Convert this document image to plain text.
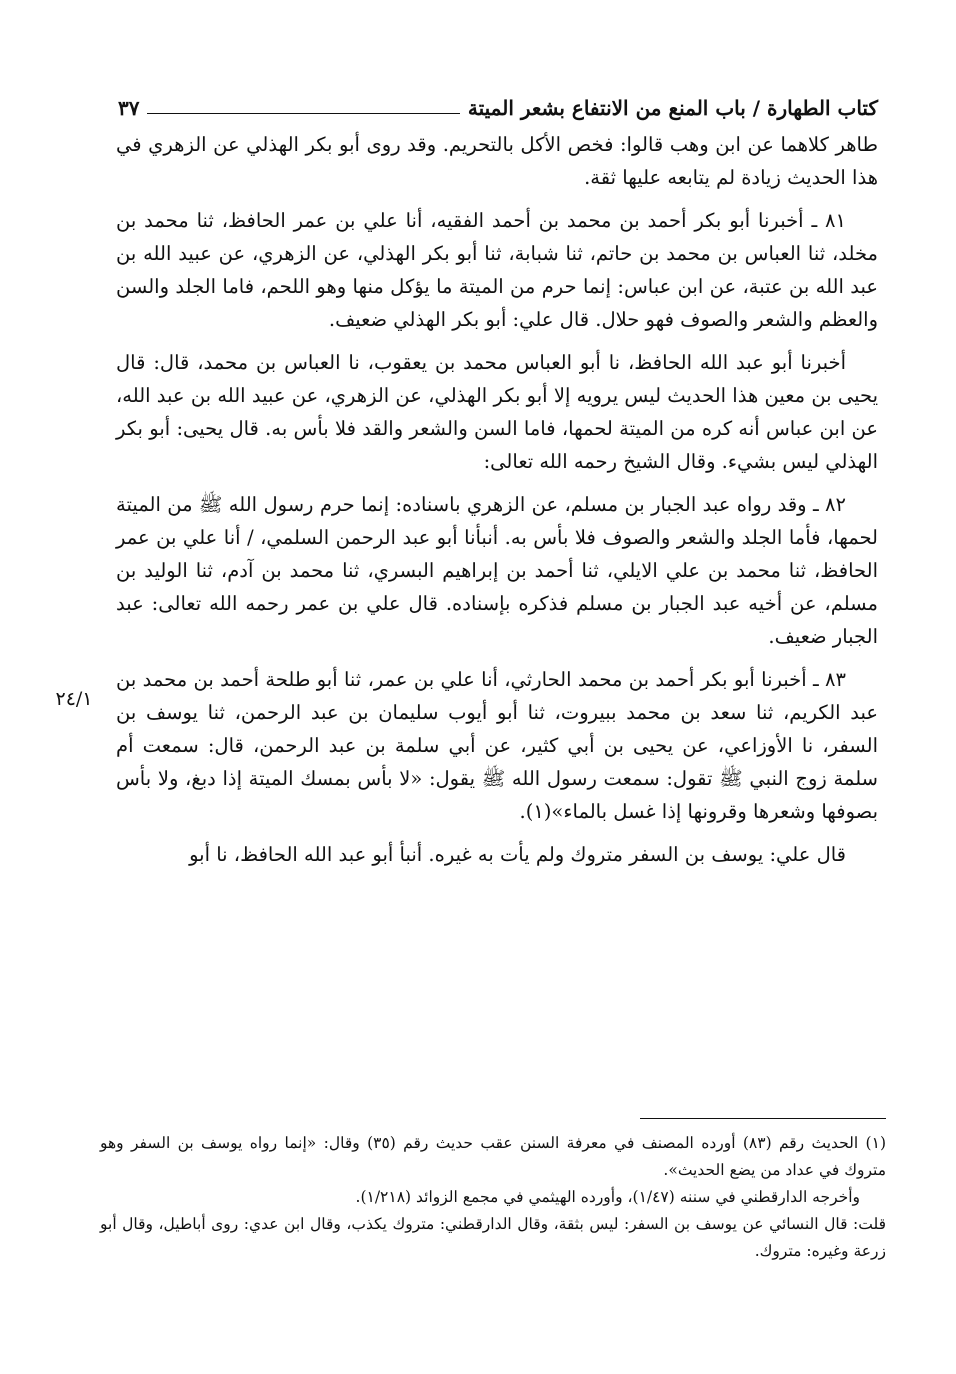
كتاب الطهارة / باب المنع من الانتفاع بشعر الميتة
٣٧

طاهر كلاهما عن ابن وهب قالوا: فخص الأكل بالتحريم. وقد روى أبو بكر الهذلي عن الزهري في هذا الحديث زيادة لم يتابعه عليها ثقة.

٨١ ـ أخبرنا أبو بكر أحمد بن محمد بن أحمد الفقيه، أنا علي بن عمر الحافظ، ثنا محمد بن مخلد، ثنا العباس بن محمد بن حاتم، ثنا شبابة، ثنا أبو بكر الهذلي، عن الزهري، عن عبيد الله بن عبد الله بن عتبة، عن ابن عباس: إنما حرم من الميتة ما يؤكل منها وهو اللحم، فاما الجلد والسن والعظم والشعر والصوف فهو حلال. قال علي: أبو بكر الهذلي ضعيف.

أخبرنا أبو عبد الله الحافظ، نا أبو العباس محمد بن يعقوب، نا العباس بن محمد، قال: قال يحيى بن معين هذا الحديث ليس يرويه إلا أبو بكر الهذلي، عن الزهري، عن عبيد الله بن عبد الله، عن ابن عباس أنه كره من الميتة لحمها، فاما السن والشعر والقد فلا بأس به. قال يحيى: أبو بكر الهذلي ليس بشيء. وقال الشيخ رحمه الله تعالى:

٨٢ ـ وقد رواه عبد الجبار بن مسلم، عن الزهري باسناده: إنما حرم رسول الله ﷺ من الميتة لحمها، فأما الجلد والشعر والصوف فلا بأس به. أنبأنا أبو عبد الرحمن السلمي، / أنا علي بن عمر الحافظ، ثنا محمد بن علي الايلي، ثنا أحمد بن إبراهيم البسري، ثنا محمد بن آدم، ثنا الوليد بن مسلم، عن أخيه عبد الجبار بن مسلم فذكره بإسناده. قال علي بن عمر رحمه الله تعالى: عبد الجبار ضعيف.

٨٣ ـ أخبرنا أبو بكر أحمد بن محمد الحارثي، أنا علي بن عمر، ثنا أبو طلحة أحمد بن محمد بن عبد الكريم، ثنا سعد بن محمد ببيروت، ثنا أبو أيوب سليمان بن عبد الرحمن، ثنا يوسف بن السفر، نا الأوزاعي، عن يحيى بن أبي كثير، عن أبي سلمة بن عبد الرحمن، قال: سمعت أم سلمة زوج النبي ﷺ تقول: سمعت رسول الله ﷺ يقول: «لا بأس بمسك الميتة إذا دبغ، ولا بأس بصوفها وشعرها وقرونها إذا غسل بالماء»(١).

قال علي: يوسف بن السفر متروك ولم يأت به غيره. أنبأ أبو عبد الله الحافظ، نا أبو

٢٤/١

(١) الحديث رقم (٨٣) أورده المصنف في معرفة السنن عقب حديث رقم (٣٥) وقال: «إنما رواه يوسف بن السفر وهو متروك في عداد من يضع الحديث».

وأخرجه الدارقطني في سننه (١/٤٧)، وأورده الهيثمي في مجمع الزوائد (١/٢١٨).

قلت: قال النسائي عن يوسف بن السفر: ليس بثقة، وقال الدارقطني: متروك يكذب، وقال ابن عدي: روى أباطيل، وقال أبو زرعة وغيره: متروك.
